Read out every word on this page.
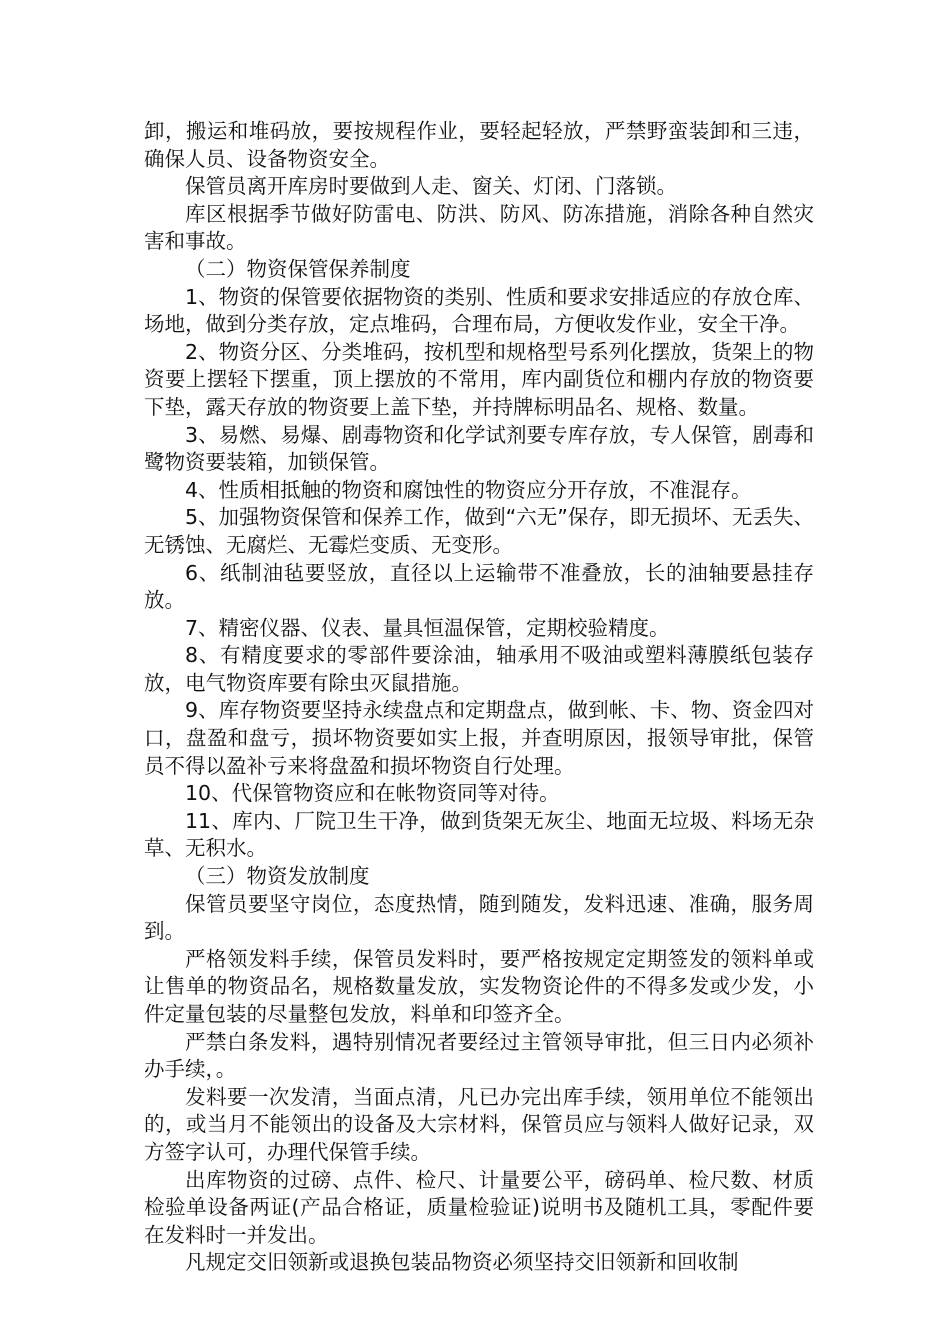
卸，搬运和堆码放，要按规程作业，要轻起轻放，严禁野蛮装卸和三违，确保人员、设备物资安全。

保管员离开库房时要做到人走、窗关、灯闭、门落锁。

库区根据季节做好防雷电、防洪、防风、防冻措施，消除各种自然灾害和事故。

（二）物资保管保养制度

1、物资的保管要依据物资的类别、性质和要求安排适应的存放仓库、场地，做到分类存放，定点堆码，合理布局，方便收发作业，安全干净。

2、物资分区、分类堆码，按机型和规格型号系列化摆放，货架上的物资要上摆轻下摆重，顶上摆放的不常用，库内副货位和棚内存放的物资要下垫，露天存放的物资要上盖下垫，并持牌标明品名、规格、数量。

3、易燃、易爆、剧毒物资和化学试剂要专库存放，专人保管，剧毒和鹭物资要装箱，加锁保管。

4、性质相抵触的物资和腐蚀性的物资应分开存放，不准混存。

5、加强物资保管和保养工作，做到“六无”保存，即无损坏、无丢失、无锈蚀、无腐烂、无霉烂变质、无变形。

6、纸制油毡要竖放，直径以上运输带不准叠放，长的油轴要悬挂存放。

7、精密仪器、仪表、量具恒温保管，定期校验精度。

8、有精度要求的零部件要涂油，轴承用不吸油或塑料薄膜纸包装存放，电气物资库要有除虫灭鼠措施。

9、库存物资要坚持永续盘点和定期盘点，做到帐、卡、物、资金四对口，盘盈和盘亏，损坏物资要如实上报，并查明原因，报领导审批，保管员不得以盈补亏来将盘盈和损坏物资自行处理。

10、代保管物资应和在帐物资同等对待。

11、库内、厂院卫生干净，做到货架无灰尘、地面无垃圾、料场无杂草、无积水。

（三）物资发放制度

保管员要坚守岗位，态度热情，随到随发，发料迅速、准确，服务周到。

严格领发料手续，保管员发料时，要严格按规定定期签发的领料单或让售单的物资品名，规格数量发放，实发物资论件的不得多发或少发，小件定量包装的尽量整包发放，料单和印签齐全。

严禁白条发料，遇特别情况者要经过主管领导审批，但三日内必须补办手续，。

发料要一次发清，当面点清，凡已办完出库手续，领用单位不能领出的，或当月不能领出的设备及大宗材料，保管员应与领料人做好记录，双方签字认可，办理代保管手续。

出库物资的过磅、点件、检尺、计量要公平，磅码单、检尺数、材质检验单设备两证(产品合格证，质量检验证)说明书及随机工具，零配件要在发料时一并发出。

凡规定交旧领新或退换包装品物资必须坚持交旧领新和回收制
